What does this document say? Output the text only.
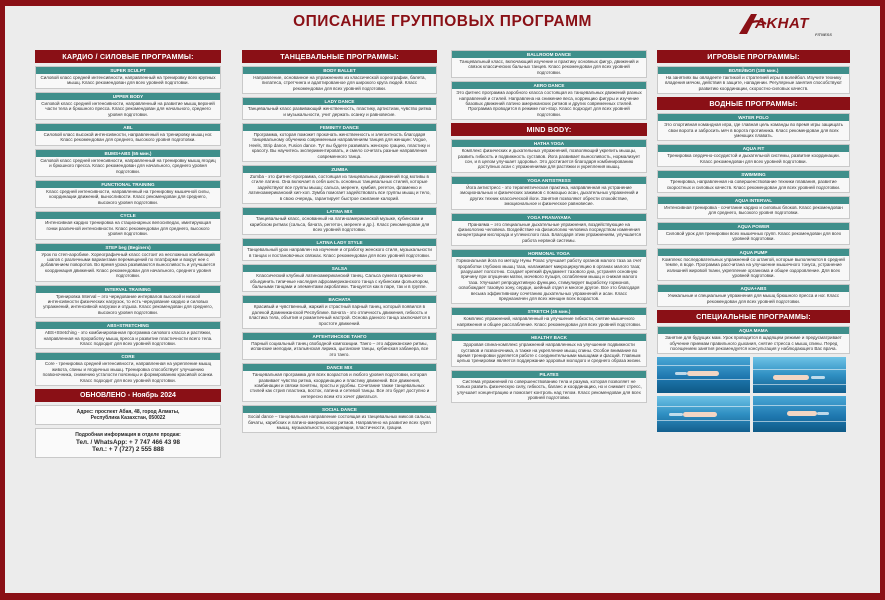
ОПИСАНИЕ ГРУППОВЫХ ПРОГРАММ	AKHAT
FITNESS
КАРДИО / СИЛОВЫЕ ПРОГРАММЫ:
SUPER SCULPT

Силовой класс средней интенсивности, направленный на тренировку всех крупных мышц. Класс рекомендован для всех уровней подготовки.

UPPER BODY

Силовой класс средней интенсивности, направленный на развитие мышц верхней части тела и брюшного пресса. Класс рекомендован для начального, среднего уровня подготовки.

ABL

Силовой класс высокой интенсивности, направленный на тренировку мышц ног. Класс рекомендован для среднего, высокого уровня подготовки.

BUMS+ABS (55 мин.)

Силовой класс средней интенсивности, направленный на тренировку мышц ягодиц и брюшного пресса. Класс рекомендован для начального, среднего уровня подготовки.

FUNCTIONAL TRAINING

Класс средней интенсивности, направленный на тренировку мышечной силы, координации движений, выносливости. Класс рекомендован для среднего, высокого уровня подготовки.

CYCLE

Интенсивная кардио тренировка на стационарных велосипедах, имитирующая гонки различной интенсивности. Класс рекомендован для среднего, высокого уровня подготовки.

STEP beg (Beginers)

Урок по степ-аэробике. Хореографичный класс состоит из несложных комбинаций шагов с различными вариантами перемещений по платформе и вокруг нее с добавлением поворотов. Во время урока развиваются выносливость и улучшается координация движений. Класс рекомендован для начального, среднего уровня подготовки.

INTERVAL TRAINING

Тренировка Interval – это чередование интервалов высокой и низкой интенсивности физических нагрузок, то есть чередование кардио и силовых упражнений, интенсивной нагрузки и отдыха. Класс рекомендован для среднего, высокого уровня подготовки.

ABS+STRETCHING

ABS+Stretching - это комбинированная программа силового класса и растяжки, направленная на проработку мышц пресса и развитие пластичности всего тела. Класс подходит для всех уровней подготовки.

CORE

Core - тренировка средней интенсивности, направленная на укрепление мышц живота, спины и ягодичных мышц. Тренировка способствует улучшению позвоночника, снижению усталости поясницы и формированию красивой осанки. Класс подходит для всех уровней подготовки.

ОБНОВЛЕНО - Ноябрь 2024

Адрес: проспект Абая, 48, город Алматы,

Республика Казахстан, 050022

Подробная информация в отделе продаж:

Тел. / WhatsApp: + 7 747 466 43 98

Тел.: + 7 (727) 2 555 888

ТАНЦЕВАЛЬНЫЕ ПРОГРАММЫ:
BODY BALLET

Направление, основанное на упражнениях из классической хореографии, балета, пилатеса, стретчинга и адаптированное для широкого круга людей. Класс рекомендован для всех уровней подготовки.

LADY DANCE

Танцевальный класс развивающий женственность, пластику, артистизм, чувство ритма и музыкальности, учит держать осанку и равновесие.

FEMINITY DANCE

Программа, которая поможет прокачать женственность и элегантность благодаря танцевальному обучению современным направлениям танцев для женщин: Vogue, Heels, Strip dance, Fusion dance. Тут вы будете развивать женскую грацию, пластику и красоту. Вы научитесь экспериментировать, и смело сочетать разные направления современного танца.

ZUMBA

Zumba - это фитнес-программа, состоящая из танцевальных движений под мотивы в стиле латино. Она включает в себя шесть основных танцевальных стилей, которые задействуют все группы мышц: сальса, меренге, кумбия, регетон, фламенко и латиноамериканский хип-хоп. Зумба помогает задействовать все группы мышц и тело, в свою очередь, гарантирует быстрое сжигание калорий.

LATINA MIX

Танцевальный класс, основанный на латиноамериканской музыке, кубинском и карибском ритмах (сальса, бачата, реггетон, меренге и др.). Класс рекомендован для всех уровней подготовки.

LATINA LADY STYLE

Танцевальный урок направлен на изучение и отработку женского стиля, музыкальности в танцах и постановочных связках. Класс рекомендован для всех уровней подготовки.

SALSA

Классический клубный латиноамериканский танец. Сальса сумела гармонично объединить типичные наследия афроамериканского танца с кубинским фольклором, бальными танцами и элементами акробатики. Танцуется как в паре, так и в группе.

BACHATA

Красивый и чувственный, жаркий и страстный парный танец, который появился в далекой Доминиканской Республике. Бачата - это отличность движения, гибкость и пластика тела, объятия и романтичный настрой. Основа данного танца заключается в простоте движений.

АРГЕНТИНСКОЕ ТАНГО

Парный социальный танец свободной композиции. Танго – это африканские ритмы, испанские мелодии, итальянская лирика, цыганские танцы, кубинская хабанера, все это танго.

DANCE MIX

Танцевальная программа для всех возрастов и любого уровня подготовки, которая развивает чувство ритма, координацию и пластику движений. Все движения, комбинации и связки понятны, просты и удобны. Сочетание также танцевальных стилей как стрип пластика, восток, латина и сетевой танцы. Все это будет доступно и интересно всем кто хочет двигаться.

SOCIAL DANCE

Social dance – танцевальная направление состоящая из танцевальных миксов сальсы, бачаты, карибских и латино-американских ритмов. Направлено на развитие всех групп мышц, музыкальности, координации, пластичности, грации.

BALLROOM DANCE

Танцевальный класс, включающий изучение и практику основных фигур, движений и связок классических бальных танцев. Класс рекомендован для всех уровней подготовки.

AERO DANCE

Это фитнес программа аэробного класса состоящая из танцевальных движений разных направлений и стилей. Направлена на снижение веса, коррекцию фигуры и изучение базовых движений латино американских ритмов и других современных стилей. Программа проводится в режиме non-stop. Класс подходит для всех уровней подготовки.

MIND BODY:
HATHA YOGA

Комплекс физических и дыхательных упражнений, позволяющий укрепить мышцы, развить гибкость и подвижность суставов. Йога развивает выносливость, нормализует сон, и в целом улучшает здоровье. Это достигается благодаря комбинированию доступных асан с упражнениями для растяжки и укрепления мышц.

YOGA ANTISTRESS

Йога антистресс - это терапевтическая практика, направленная на устранение эмоциональных и физических зажимов с помощью асан, дыхательных упражнений и других техник классической йоги. Занятия позволяют обрести спокойствие, эмоциональное и физическое равновесие.

YOGA PRANAYAMA

Пранаяма – это специальные дыхательные упражнения, воздействующие на физиологию человека. Воздействие на физиологию человека посредством изменения концентрации кислорода и углекислого газа. Благодаря этим упражнениям, улучшается работа нервной системы.

HORMONAL YOGA

Гормональная йога по методу Нуны Рохас улучшает работу органов малого таза за счет проработки глубоких мышц таза, налаживает микроциркуляцию в органах малого таза; разрушает полсотню. Создает крепкий фундамент тазового дна, устраняя основную причину при опущении матки, мочевого пузыря, ослаблении мышц и снижая малого таза. Улучшает репродуктивную функцию, стимулирует выработку гормонов, освобождает тазовую зону, сердце, шейный отдел и многое другое. Все это благодаря весьма эффективному сочетанию дыхательных упражнений и асан. Класс предназначен для всех женщин всех возрастов.

STRETCH (45 мин.)

Комплекс упражнений, направленный на улучшение гибкости, снятие мышечного напряжения и общее расслабление. Класс рекомендован для всех уровней подготовки.

HEALTHY BACK

Здоровая спина-комплекс упражнений направленных на улучшение подвижности суставов и позвоночника, а также на укрепление мышц спины. Особое внимание во время тренировки уделяется работе с соединительными мышцами и фасций. Главным целью тренировки является поддержание здоровья молодого и среднего образа жизни.

PILATES

Система упражнений по совершенствованию тела и разума, которая позволяет не только развить физическую силу, гибкость, баланс и координацию, но и снимает стресс, улучшает концентрацию и помогает контроль над телом. Класс рекомендован для всех уровней подготовки.

ИГРОВЫЕ ПРОГРАММЫ:
ВОЛЕЙБОЛ (180 мин.)

На занятиях вы овладеете тактикой и стратегией игры в волейбол. Изучите технику владения мячом, действия в защите, нападении. Регулярные занятия способствуют развитию координации, скоростно-силовых качеств.

ВОДНЫЕ ПРОГРАММЫ:
WATER POLO

Это спортивная командная игра, где главная цель команды во время игры защищать свои ворота и забросить мяч в ворота противника. Класс рекомендован для всех умеющих плавать.

AQUA FIT

Тренировка сердечно-сосудистой и дыхательной системы, развитие координации. Класс рекомендован для всех уровней подготовки.

SWIMMING

Тренировка, направленная на совершенствование техники плавания, развитие скоростных и силовых качеств. Класс рекомендован для всех уровней подготовки.

AQUA INTERVAL

Интенсивная тренировка - сочетание кардио и силовых блоков. Класс рекомендован для среднего, высокого уровня подготовки.

AQUA POWER

Силовой урок для тренировки всех мышечных групп. Класс рекомендован для всех уровней подготовки.

AQUA PUMP

Комплекс последовательных упражнений со штангой, которые выполняются в средней темпе, в воде. Программа рассчитана на улучшение мышечного тонуса, устранение излишней жировой ткани, укрепление организма и общее оздоровление. Для всех уровней подготовки.

AQUA+ABS

Уникальные и специальные упражнения для мышц брюшного пресса и ног. Класс рекомендован для всех уровней подготовки.

СПЕЦИАЛЬНЫЕ ПРОГРАММЫ:
AQUA MAMA

Занятие для будущих мам. Урок проводится в щадящем режиме и предусматривает обучение приемам правильного дыхания, снятие стресса с мышц спины. Перед посещением занятия рекомендуется консультация у наблюдающего Вас врача.
